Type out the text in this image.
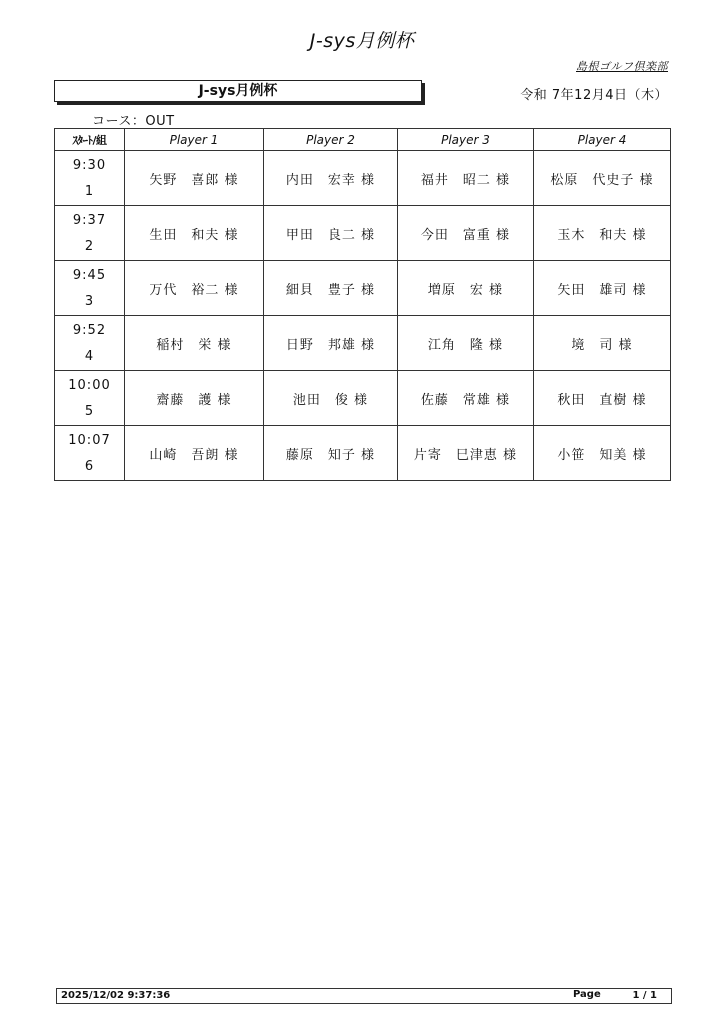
J-sys月例杯
島根ゴルフ倶楽部
J-sys月例杯	令和 7年12月4日（木）
コース：OUT
ｽﾀｰﾄ/組	Player 1	Player 2	Player 3	Player 4

9:30
1	矢野　喜郎 様	内田　宏幸 様	福井　昭二 様	松原　代史子 様

9:37
2	生田　和夫 様	甲田　良二 様	今田　富重 様	玉木　和夫 様

9:45
3	万代　裕二 様	細貝　豊子 様	増原　宏 様	矢田　雄司 様

9:52
4	稲村　栄 様	日野　邦雄 様	江角　隆 様	境　司 様

10:00
5	齋藤　護 様	池田　俊 様	佐藤　常雄 様	秋田　直樹 様

10:07
6	山崎　吾朗 様	藤原　知子 様	片寄　巳津恵 様	小笹　知美 様
2025/12/02 9:37:36	Page	1 / 1
